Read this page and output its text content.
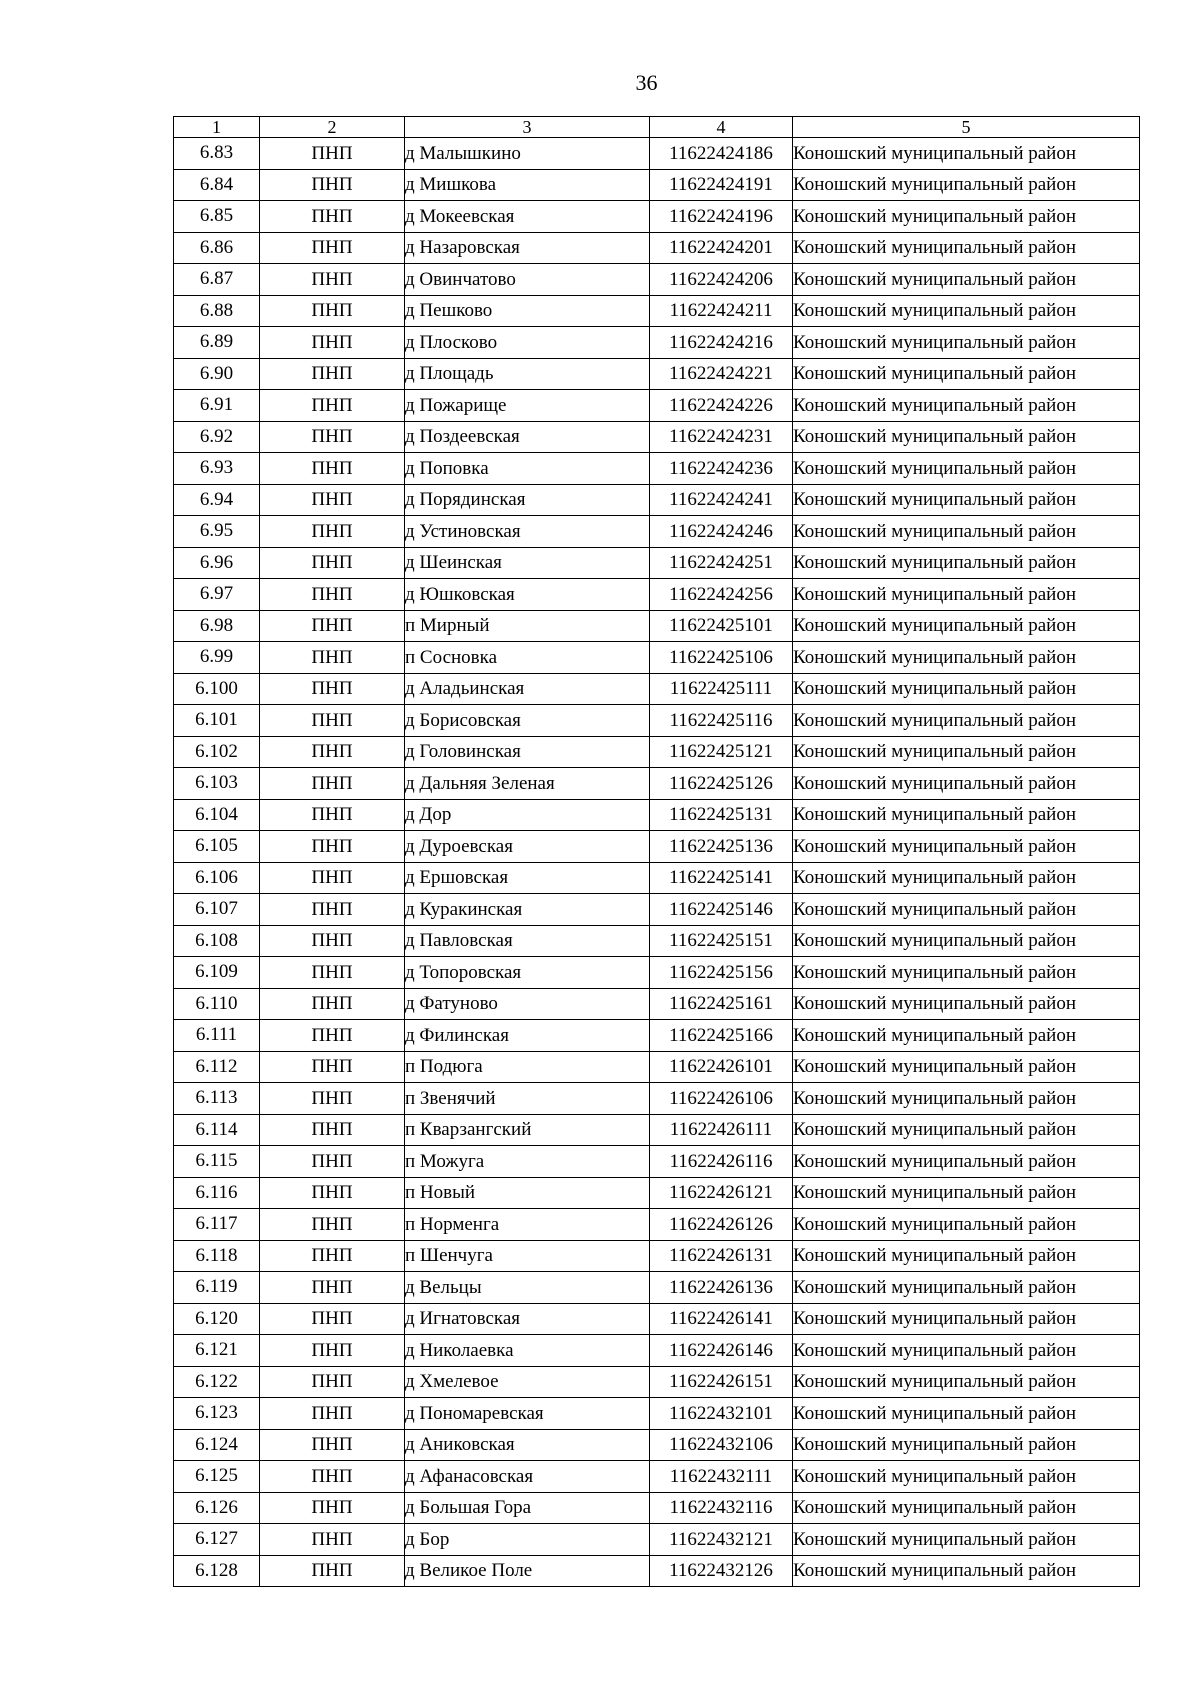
36
1	2	3	4	5
6.83	ПНП	д Малышкино	11622424186	Коношский муниципальный район
6.84	ПНП	д Мишкова	11622424191	Коношский муниципальный район
6.85	ПНП	д Мокеевская	11622424196	Коношский муниципальный район
6.86	ПНП	д Назаровская	11622424201	Коношский муниципальный район
6.87	ПНП	д Овинчатово	11622424206	Коношский муниципальный район
6.88	ПНП	д Пешково	11622424211	Коношский муниципальный район
6.89	ПНП	д Плосково	11622424216	Коношский муниципальный район
6.90	ПНП	д Площадь	11622424221	Коношский муниципальный район
6.91	ПНП	д Пожарище	11622424226	Коношский муниципальный район
6.92	ПНП	д Поздеевская	11622424231	Коношский муниципальный район
6.93	ПНП	д Поповка	11622424236	Коношский муниципальный район
6.94	ПНП	д Порядинская	11622424241	Коношский муниципальный район
6.95	ПНП	д Устиновская	11622424246	Коношский муниципальный район
6.96	ПНП	д Шеинская	11622424251	Коношский муниципальный район
6.97	ПНП	д Юшковская	11622424256	Коношский муниципальный район
6.98	ПНП	п Мирный	11622425101	Коношский муниципальный район
6.99	ПНП	п Сосновка	11622425106	Коношский муниципальный район
6.100	ПНП	д Аладьинская	11622425111	Коношский муниципальный район
6.101	ПНП	д Борисовская	11622425116	Коношский муниципальный район
6.102	ПНП	д Головинская	11622425121	Коношский муниципальный район
6.103	ПНП	д Дальняя Зеленая	11622425126	Коношский муниципальный район
6.104	ПНП	д Дор	11622425131	Коношский муниципальный район
6.105	ПНП	д Дуроевская	11622425136	Коношский муниципальный район
6.106	ПНП	д Ершовская	11622425141	Коношский муниципальный район
6.107	ПНП	д Куракинская	11622425146	Коношский муниципальный район
6.108	ПНП	д Павловская	11622425151	Коношский муниципальный район
6.109	ПНП	д Топоровская	11622425156	Коношский муниципальный район
6.110	ПНП	д Фатуново	11622425161	Коношский муниципальный район
6.111	ПНП	д Филинская	11622425166	Коношский муниципальный район
6.112	ПНП	п Подюга	11622426101	Коношский муниципальный район
6.113	ПНП	п Звенячий	11622426106	Коношский муниципальный район
6.114	ПНП	п Кварзангский	11622426111	Коношский муниципальный район
6.115	ПНП	п Можуга	11622426116	Коношский муниципальный район
6.116	ПНП	п Новый	11622426121	Коношский муниципальный район
6.117	ПНП	п Норменга	11622426126	Коношский муниципальный район
6.118	ПНП	п Шенчуга	11622426131	Коношский муниципальный район
6.119	ПНП	д Вельцы	11622426136	Коношский муниципальный район
6.120	ПНП	д Игнатовская	11622426141	Коношский муниципальный район
6.121	ПНП	д Николаевка	11622426146	Коношский муниципальный район
6.122	ПНП	д Хмелевое	11622426151	Коношский муниципальный район
6.123	ПНП	д Пономаревская	11622432101	Коношский муниципальный район
6.124	ПНП	д Аниковская	11622432106	Коношский муниципальный район
6.125	ПНП	д Афанасовская	11622432111	Коношский муниципальный район
6.126	ПНП	д Большая Гора	11622432116	Коношский муниципальный район
6.127	ПНП	д Бор	11622432121	Коношский муниципальный район
6.128	ПНП	д Великое Поле	11622432126	Коношский муниципальный район
